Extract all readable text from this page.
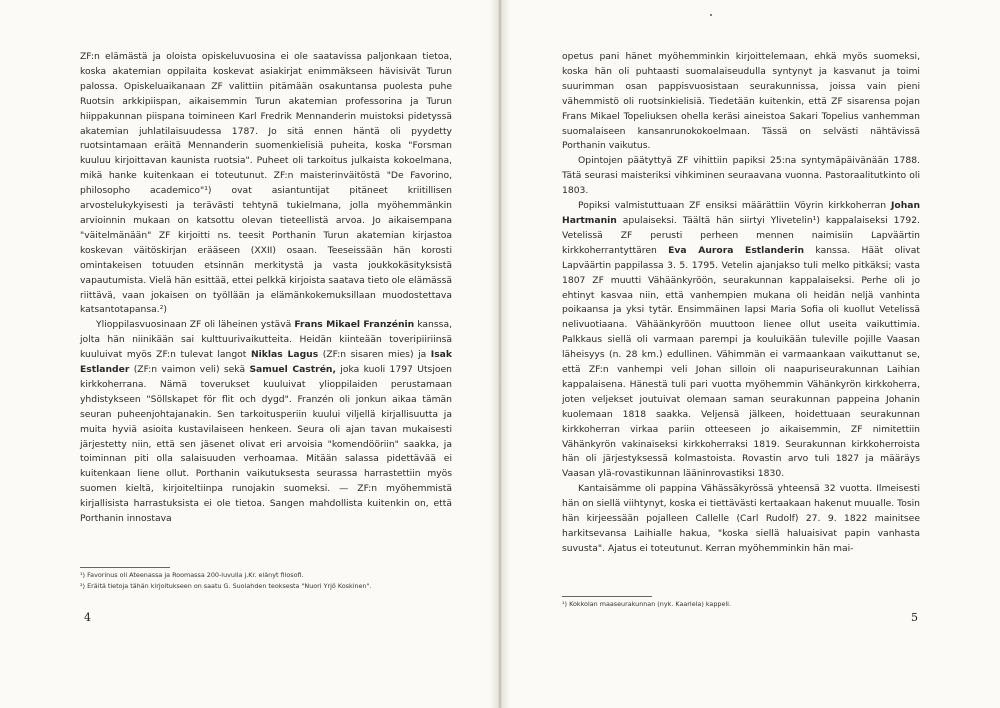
ZF:n elämästä ja oloista opiskeluvuosina ei ole saatavissa paljonkaan tietoa, koska akatemian oppilaita koskevat asiakirjat enimmäkseen hävisivät Turun palossa. Opiskeluaikanaan ZF valittiin pitämään osakuntansa puolesta puhe Ruotsin arkkipiispan, aikaisemmin Turun akatemian professorina ja Turun hiippakunnan piispana toimineen Karl Fredrik Mennanderin muistoksi pidetyssä akatemian juhlatilaisuudessa 1787. Jo sitä ennen häntä oli pyydetty ruotsintamaan eräitä Mennanderin suomenkielisiä puheita, koska "Forsman kuuluu kirjoittavan kaunista ruotsia". Puheet oli tarkoitus julkaista kokoelmana, mikä hanke kuitenkaan ei toteutunut. ZF:n maisterinväitöstä "De Favorino, philosopho academico"¹) ovat asiantuntijat pitäneet kriitillisen arvostelukykyisesti ja terävästi tehtynä tukielmana, jolla myöhemmänkin arvioinnin mukaan on katsottu olevan tieteellistä arvoa. Jo aikaisempana "väitelmänään" ZF kirjoitti ns. teesit Porthanin Turun akatemian kirjastoa koskevan väitöskirjan erääseen (XXII) osaan. Teeseissään hän korosti omintakeisen totuuden etsinnän merkitystä ja vasta joukkokäsityksistä vapautumista. Vielä hän esittää, ettei pelkkä kirjoista saatava tieto ole elämässä riittävä, vaan jokaisen on työllään ja elämänkokemuksillaan muodostettava katsantotapansa.²)

Ylioppilasvuosinaan ZF oli läheinen ystävä Frans Mikael Franzénin kanssa, jolta hän niinikään sai kulttuurivaikutteita. Heidän kiinteään toveripiiriinsä kuuluivat myös ZF:n tulevat langot Niklas Lagus (ZF:n sisaren mies) ja Isak Estlander (ZF:n vaimon veli) sekä Samuel Castrén, joka kuoli 1797 Utsjoen kirkkoherrana. Nämä toverukset kuuluivat ylioppilaiden perustamaan yhdistykseen "Söllskapet för flit och dygd". Franzén oli jonkun aikaa tämän seuran puheenjohtajanakin. Sen tarkoitusperiin kuului viljellä kirjallisuutta ja muita hyviä asioita kustavilaiseen henkeen. Seura oli ajan tavan mukaisesti järjestetty niin, että sen jäsenet olivat eri arvoisia "komendööriin" saakka, ja toiminnan piti olla salaisuuden verhoamaa. Mitään salassa pidettävää ei kuitenkaan liene ollut. Porthanin vaikutuksesta seurassa harrastettiin myös suomen kieltä, kirjoiteltiinpa runojakin suomeksi. — ZF:n myöhemmistä kirjallisista harrastuksista ei ole tietoa. Sangen mahdollista kuitenkin on, että Porthanin innostava

¹) Favorinus oli Ateenassa ja Roomassa 200-luvulla j.Kr. elänyt filosofi.
²) Eräitä tietoja tähän kirjoitukseen on saatu G. Suolahden teoksesta "Nuori Yrjö Koskinen".
4

opetus pani hänet myöhemminkin kirjoittelemaan, ehkä myös suomeksi, koska hän oli puhtaasti suomalaiseudulla syntynyt ja kasvanut ja toimi suurimman osan pappisvuosistaan seurakunnissa, joissa vain pieni vähemmistö oli ruotsinkielisiä. Tiedetään kuitenkin, että ZF sisarensa pojan Frans Mikael Topeliuksen ohella keräsi aineistoa Sakari Topelius vanhemman suomalaiseen kansanrunokokoelmaan. Tässä on selvästi nähtävissä Porthanin vaikutus.

Opintojen päätyttyä ZF vihittiin papiksi 25:na syntymäpäivänään 1788. Tätä seurasi maisteriksi vihkiminen seuraavana vuonna. Pastoraalitutkinto oli 1803.

Popiksi valmistuttuaan ZF ensiksi määrättiin Vöyrin kirkkoherran Johan Hartmanin apulaiseksi. Täältä hän siirtyi Ylivetelin¹) kappalaiseksi 1792. Vetelissä ZF perusti perheen mennen naimisiin Lapväärtin kirkkoherrantyttären Eva Aurora Estlanderin kanssa. Häät olivat Lapväärtin pappilassa 3. 5. 1795. Vetelin ajanjakso tuli melko pitkäksi; vasta 1807 ZF muutti Vähäänkyröön, seurakunnan kappalaiseksi. Perhe oli jo ehtinyt kasvaa niin, että vanhempien mukana oli heidän neljä vanhinta poikaansa ja yksi tytär. Ensimmäinen lapsi Maria Sofia oli kuollut Vetelissä nelivuotiaana. Vähäänkyröön muuttoon lienee ollut useita vaikuttimia. Palkkaus siellä oli varmaan parempi ja kouluikään tuleville pojille Vaasan läheisyys (n. 28 km.) edullinen. Vähimmän ei varmaankaan vaikuttanut se, että ZF:n vanhempi veli Johan silloin oli naapuriseurakunnan Laihian kappalaisena. Hänestä tuli pari vuotta myöhemmin Vähänkyrön kirkkoherra, joten veljekset joutuivat olemaan saman seurakunnan pappeina Johanin kuolemaan 1818 saakka. Veljensä jälkeen, hoidettuaan seurakunnan kirkkoherran virkaa pariin otteeseen jo aikaisemmin, ZF nimitettiin Vähänkyrön vakinaiseksi kirkkoherraksi 1819. Seurakunnan kirkkoherroista hän oli järjestyksessä kolmastoista. Rovastin arvo tuli 1827 ja määräys Vaasan ylä-rovastikunnan lääninrovastiksi 1830.

Kantaisämme oli pappina Vähässäkyrössä yhteensä 32 vuotta. Ilmeisesti hän on siellä viihtynyt, koska ei tiettävästi kertaakaan hakenut muualle. Tosin hän kirjeessään pojalleen Callelle (Carl Rudolf) 27. 9. 1822 mainitsee harkitsevansa Laihialle hakua, "koska siellä haluaisivat papin vanhasta suvusta". Ajatus ei toteutunut. Kerran myöhemminkin hän mai-

¹) Kokkolan maaseurakunnan (nyk. Kaarlela) kappeli.
5
